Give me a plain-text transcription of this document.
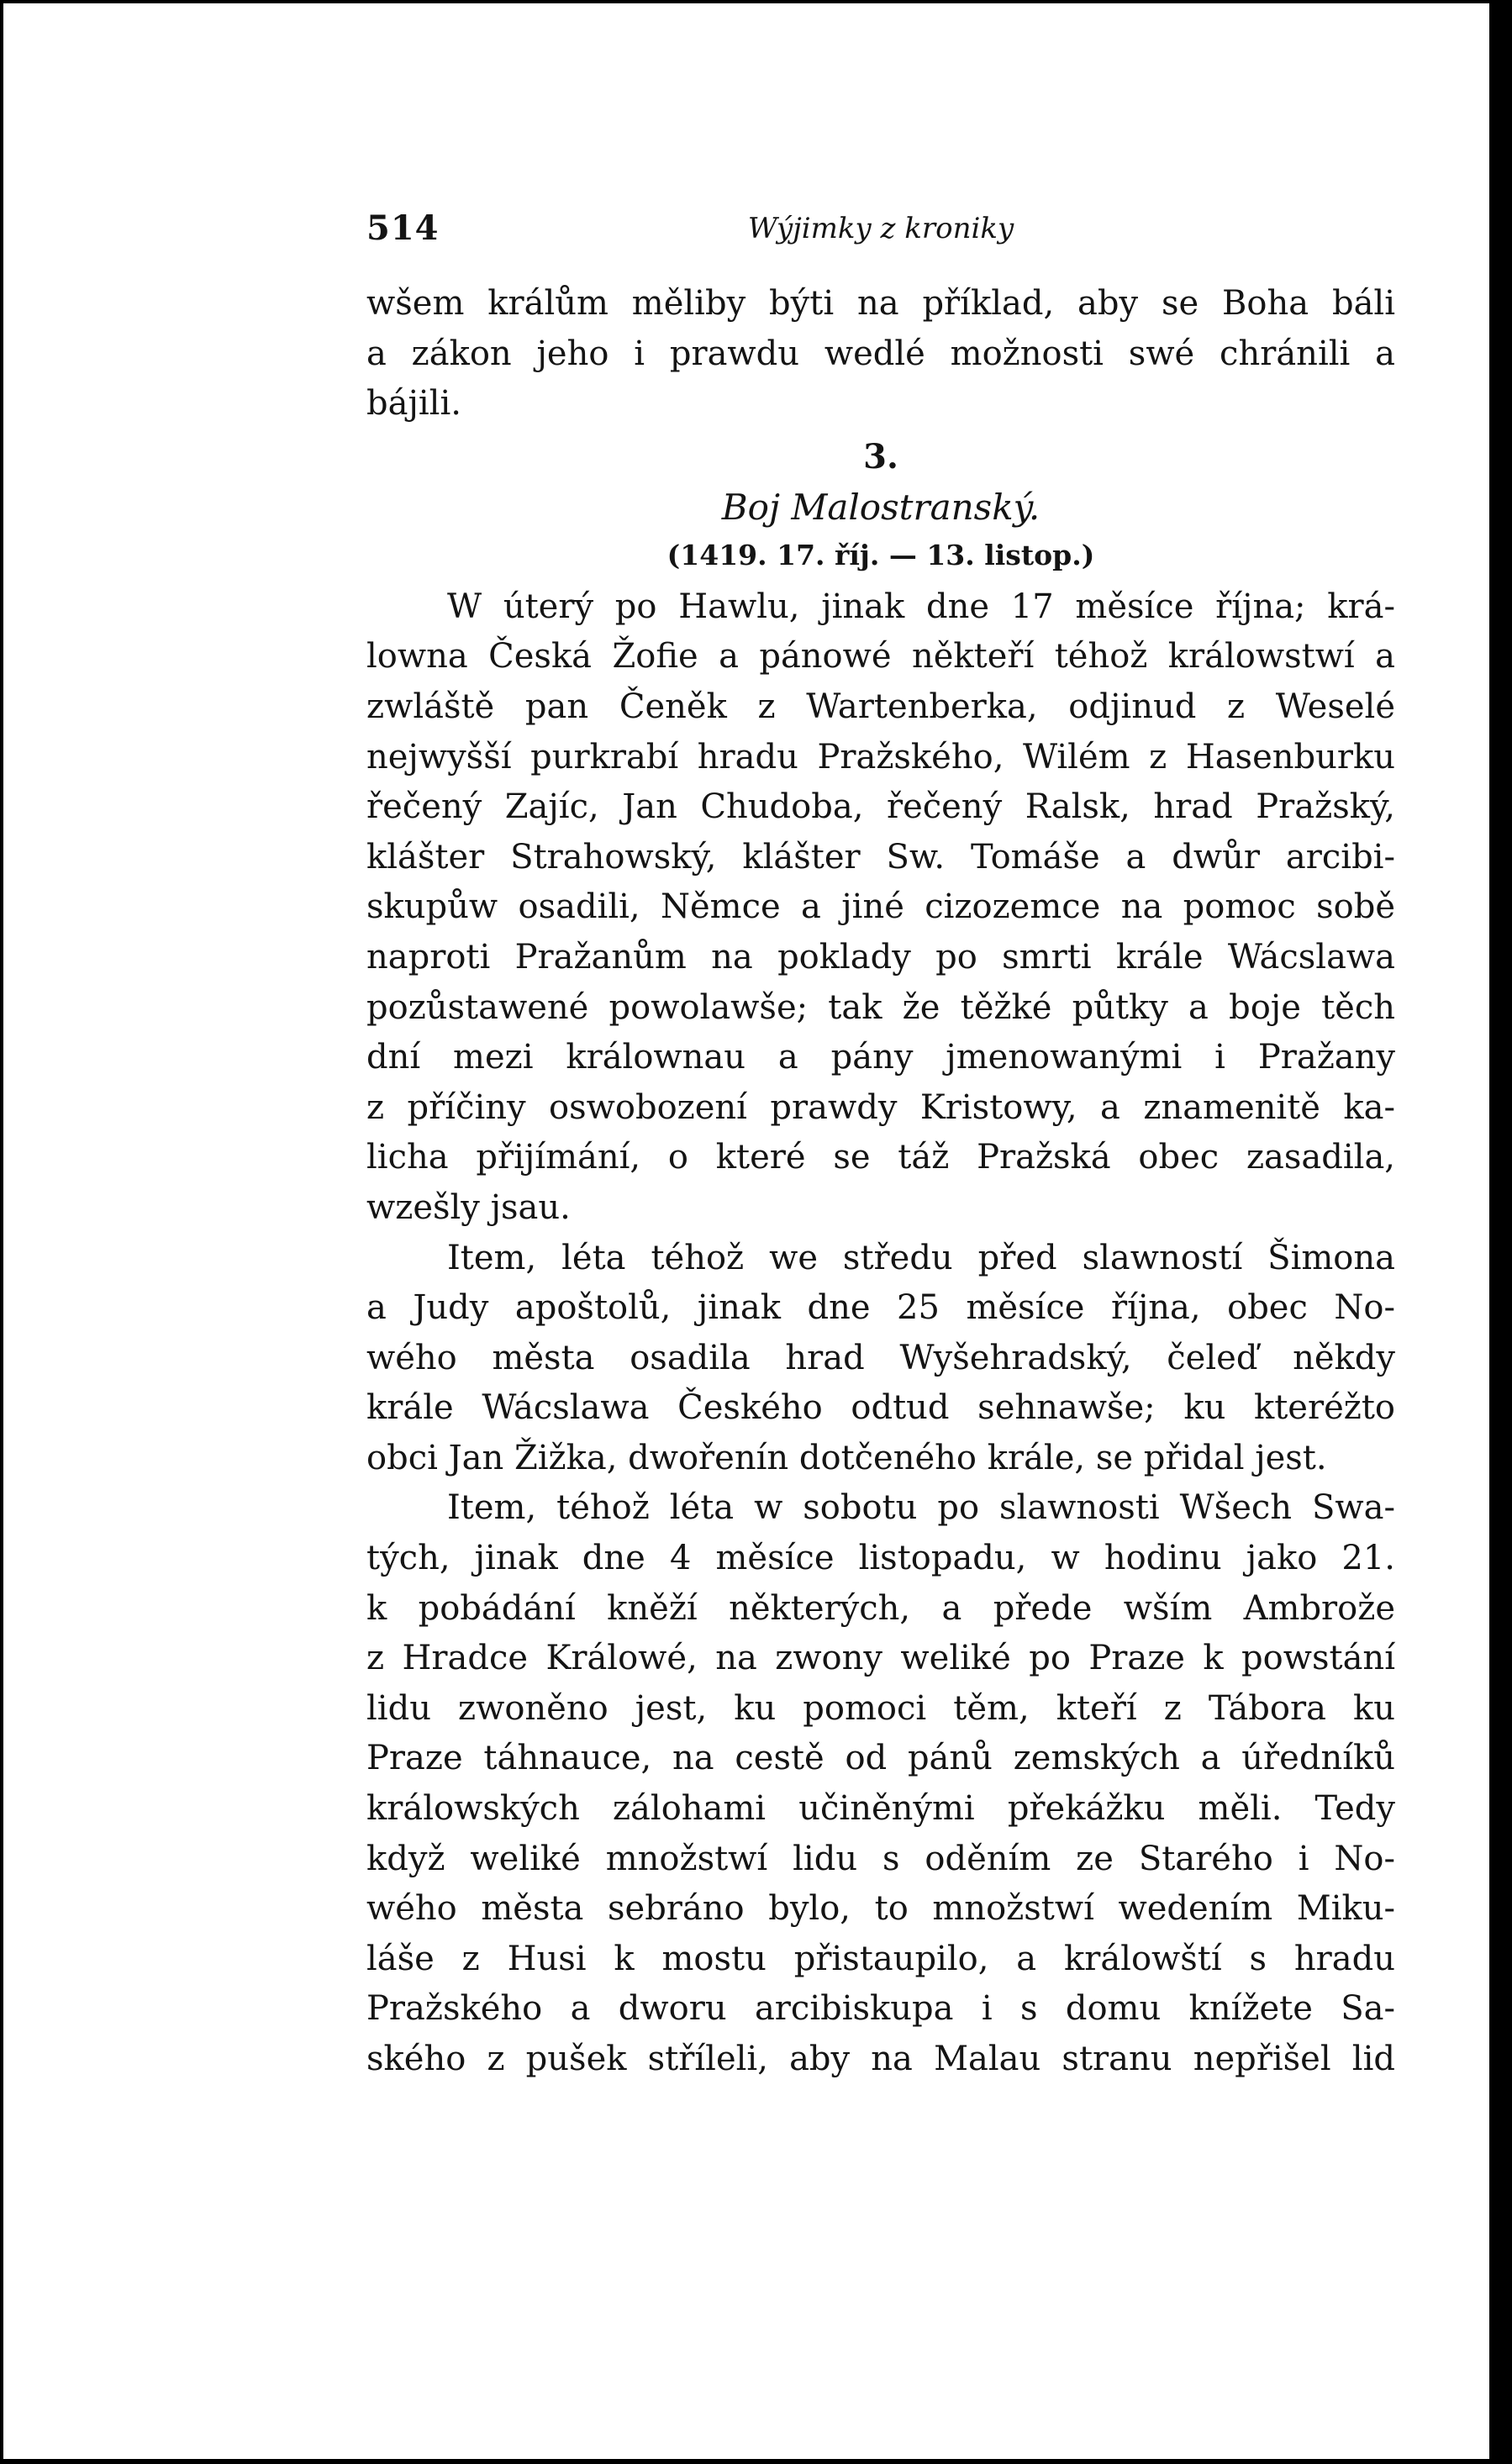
514	Wýjimky z kroniky
wšem králům měliby býti na příklad, aby se Boha báli
a zákon jeho i prawdu wedlé možnosti swé chránili a
bájili.
3.
Boj Malostranský.
(1419. 17. říj. — 13. listop.)
W úterý po Hawlu, jinak dne 17 měsíce října; krá-
lowna Česká Žofie a pánowé někteří téhož králowstwí a
zwláště pan Čeněk z Wartenberka, odjinud z Weselé
nejwyšší purkrabí hradu Pražského, Wilém z Hasenburku
řečený Zajíc, Jan Chudoba, řečený Ralsk, hrad Pražský,
klášter Strahowský, klášter Sw. Tomáše a dwůr arcibi-
skupůw osadili, Němce a jiné cizozemce na pomoc sobě
naproti Pražanům na poklady po smrti krále Wácslawa
pozůstawené powolawše; tak že těžké půtky a boje těch
dní mezi králownau a pány jmenowanými i Pražany
z příčiny oswobození prawdy Kristowy, a znamenitě ka-
licha přijímání, o které se táž Pražská obec zasadila,
wzešly jsau.
Item, léta téhož we středu před slawností Šimona
a Judy apoštolů, jinak dne 25 měsíce října, obec No-
wého města osadila hrad Wyšehradský, čeleď někdy
krále Wácslawa Českého odtud sehnawše; ku kteréžto
obci Jan Žižka, dwořenín dotčeného krále, se přidal jest.
Item, téhož léta w sobotu po slawnosti Wšech Swa-
tých, jinak dne 4 měsíce listopadu, w hodinu jako 21.
k pobádání kněží některých, a přede wším Ambrože
z Hradce Králowé, na zwony weliké po Praze k powstání
lidu zwoněno jest, ku pomoci těm, kteří z Tábora ku
Praze táhnauce, na cestě od pánů zemských a úředníků
králowských zálohami učiněnými překážku měli. Tedy
když weliké množstwí lidu s oděním ze Starého i No-
wého města sebráno bylo, to množstwí wedením Miku-
láše z Husi k mostu přistaupilo, a králowští s hradu
Pražského a dworu arcibiskupa i s domu knížete Sa-
ského z pušek stříleli, aby na Malau stranu nepřišel lid
